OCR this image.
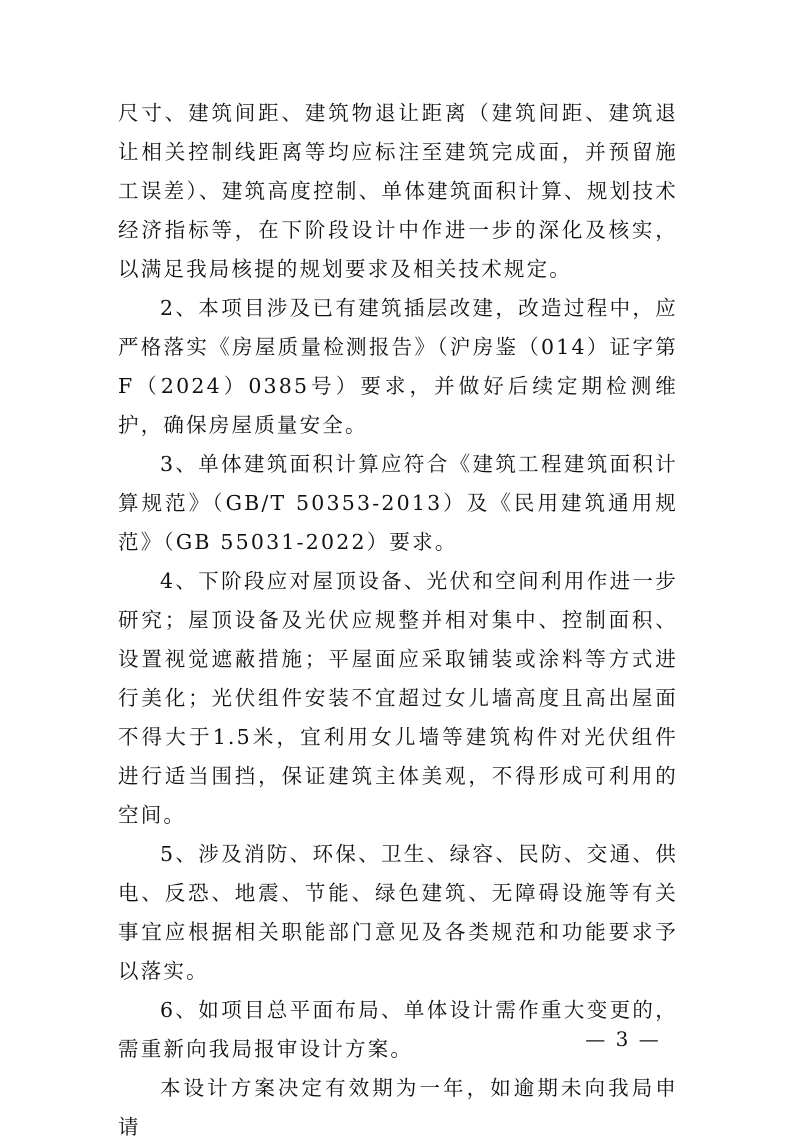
尺寸、建筑间距、建筑物退让距离（建筑间距、建筑退让相关控制线距离等均应标注至建筑完成面，并预留施工误差）、建筑高度控制、单体建筑面积计算、规划技术经济指标等，在下阶段设计中作进一步的深化及核实，以满足我局核提的规划要求及相关技术规定。

2、本项目涉及已有建筑插层改建，改造过程中，应严格落实《房屋质量检测报告》（沪房鉴（014）证字第F（2024）0385号）要求，并做好后续定期检测维护，确保房屋质量安全。

3、单体建筑面积计算应符合《建筑工程建筑面积计算规范》（GB/T 50353-2013）及《民用建筑通用规范》（GB 55031-2022）要求。

4、下阶段应对屋顶设备、光伏和空间利用作进一步研究；屋顶设备及光伏应规整并相对集中、控制面积、设置视觉遮蔽措施；平屋面应采取铺装或涂料等方式进行美化；光伏组件安装不宜超过女儿墙高度且高出屋面不得大于1.5米，宜利用女儿墙等建筑构件对光伏组件进行适当围挡，保证建筑主体美观，不得形成可利用的空间。

5、涉及消防、环保、卫生、绿容、民防、交通、供电、反恐、地震、节能、绿色建筑、无障碍设施等有关事宜应根据相关职能部门意见及各类规范和功能要求予以落实。

6、如项目总平面布局、单体设计需作重大变更的，需重新向我局报审设计方案。

本设计方案决定有效期为一年，如逾期未向我局申请

— 3 —
